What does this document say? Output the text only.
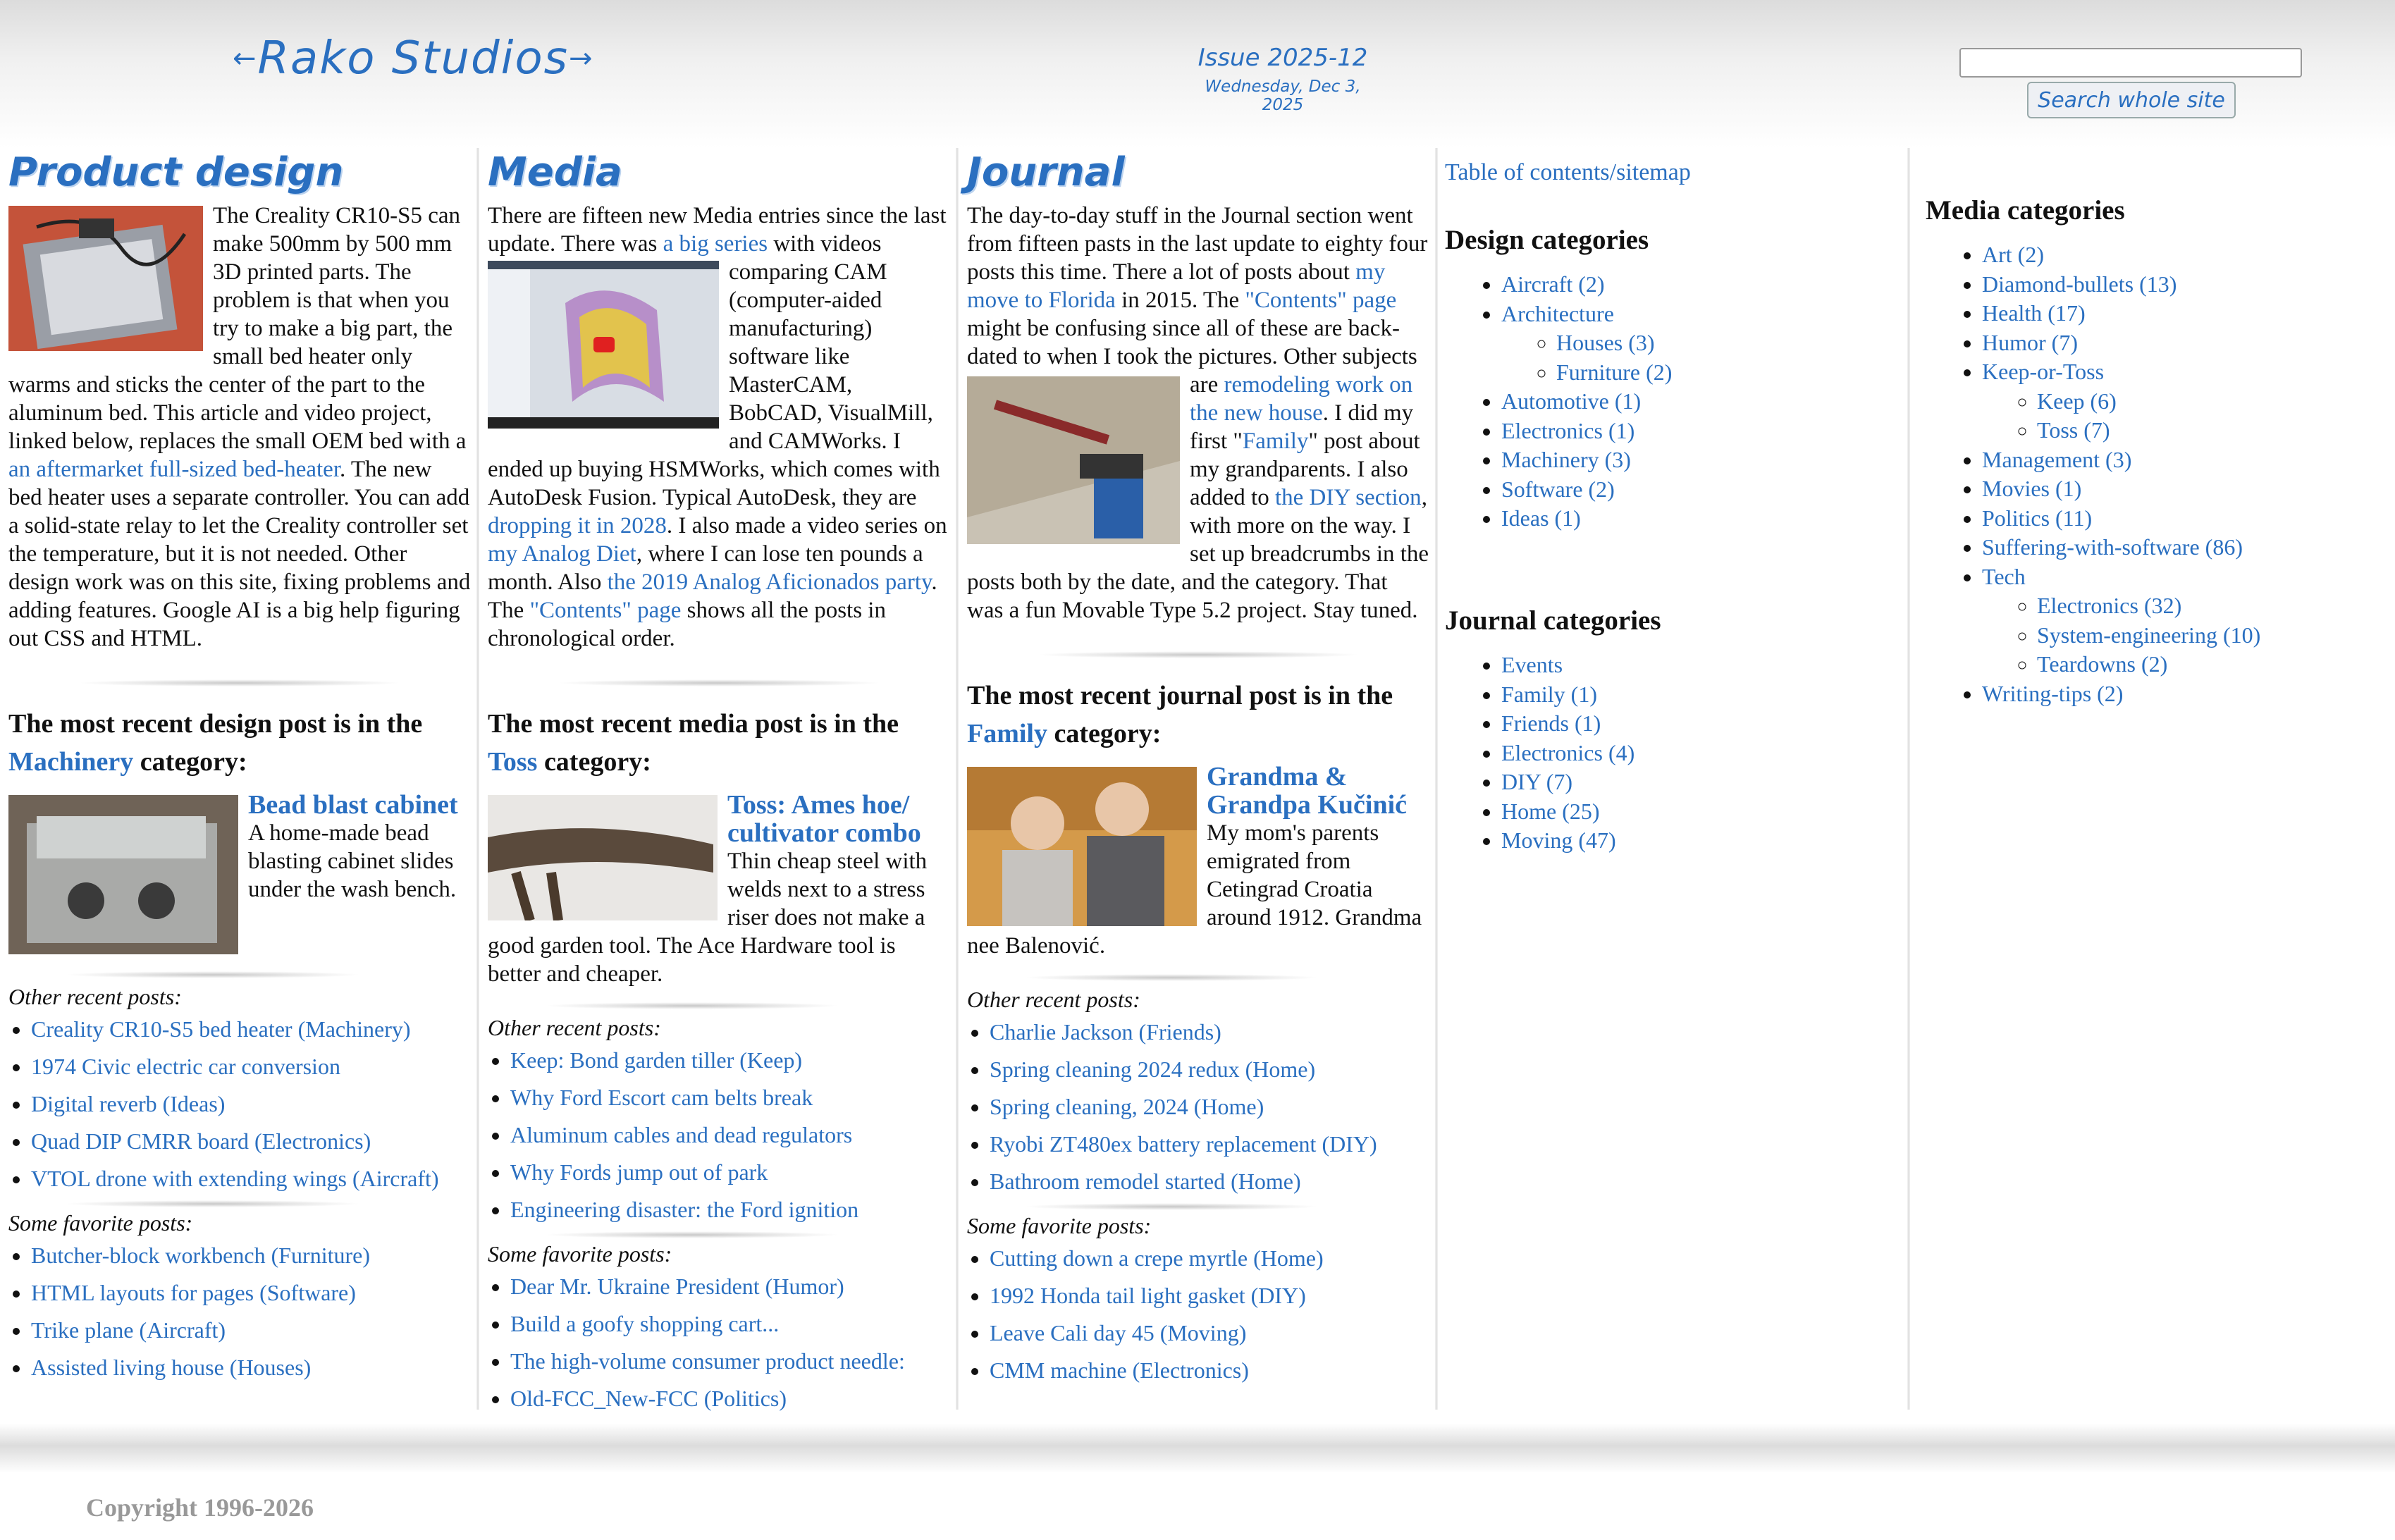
← Rako Studios →	Issue 2025-12
Wednesday, Dec 3, 2025	Search whole site
Product design
The Creality CR10-S5 can make 500mm by 500 mm 3D printed parts. The problem is that when you try to make a big part, the small bed heater only warms and sticks the center of the part to the aluminum bed. This article and video project, linked below, replaces the small OEM bed with a an aftermarket full-sized bed-heater. The new bed heater uses a separate controller. You can add a solid-state relay to let the Creality controller set the temperature, but it is not needed. Other design work was on this site, fixing problems and adding features. Google AI is a big help figuring out CSS and HTML.

The most recent design post is in the Machinery category:

Bead blast cabinet
A home-made bead blasting cabinet slides under the wash bench.

Other recent posts:

• Creality CR10-S5 bed heater (Machinery)
• 1974 Civic electric car conversion
• Digital reverb (Ideas)
• Quad DIP CMRR board (Electronics)
• VTOL drone with extending wings (Aircraft)

Some favorite posts:

• Butcher-block workbench (Furniture)
• HTML layouts for pages (Software)
• Trike plane (Aircraft)
• Assisted living house (Houses)
Media
There are fifteen new Media entries since the last update. There was a big series
with videos comparing CAM (computer-aided manufacturing) software like MasterCAM, BobCAD, VisualMill, and CAMWorks. I ended up buying HSMWorks, which comes with AutoDesk Fusion. Typical AutoDesk, they are dropping it in 2028. I also made a video series on my Analog Diet, where I can lose ten pounds a month. Also the 2019 Analog Aficionados party. The "Contents" page shows all the posts in chronological order.

The most recent media post is in the Toss category:

Toss: Ames hoe/ cultivator combo
Thin cheap steel with welds next to a stress riser does not make a good garden tool. The Ace Hardware tool is better and cheaper.

Other recent posts:

• Keep: Bond garden tiller (Keep)
• Why Ford Escort cam belts break
• Aluminum cables and dead regulators
• Why Fords jump out of park
• Engineering disaster: the Ford ignition

Some favorite posts:

• Dear Mr. Ukraine President (Humor)
• Build a goofy shopping cart...
• The high-volume consumer product needle:
• Old-FCC_New-FCC (Politics)
Journal
The day-to-day stuff in the Journal section went from fifteen pasts in the last update to eighty four posts this time. There a lot of posts about my move to Florida in 2015. The "Contents" page might be confusing since all of these are back-dated to when I took the pictures. Other subjects are
remodeling work on the new house. I did my first "Family" post about my grandparents. I also added to the DIY section, with more on the way. I set up breadcrumbs in the posts both by the date, and the category. That was a fun Movable Type 5.2 project. Stay tuned.

The most recent journal post is in the Family category:

Grandma & Grandpa Kučinić
My mom's parents emigrated from Cetingrad Croatia around 1912. Grandma nee Balenović.

Other recent posts:

• Charlie Jackson (Friends)
• Spring cleaning 2024 redux (Home)
• Spring cleaning, 2024 (Home)
• Ryobi ZT480ex battery replacement (DIY)
• Bathroom remodel started (Home)

Some favorite posts:

• Cutting down a crepe myrtle (Home)
• 1992 Honda tail light gasket (DIY)
• Leave Cali day 45 (Moving)
• CMM machine (Electronics)
Table of contents/sitemap

Design categories

• Aircraft (2)
• Architecture
◦ Houses (3)
◦ Furniture (2)
• Automotive (1)
• Electronics (1)
• Machinery (3)
• Software (2)
• Ideas (1)

Journal categories

• Events
• Family (1)
• Friends (1)
• Electronics (4)
• DIY (7)
• Home (25)
• Moving (47)

Media categories

• Art (2)
• Diamond-bullets (13)
• Health (17)
• Humor (7)
• Keep-or-Toss
◦ Keep (6)
◦ Toss (7)
• Management (3)
• Movies (1)
• Politics (11)
• Suffering-with-software (86)
• Tech
◦ Electronics (32)
◦ System-engineering (10)
◦ Teardowns (2)
• Writing-tips (2)
Copyright 1996-2026
